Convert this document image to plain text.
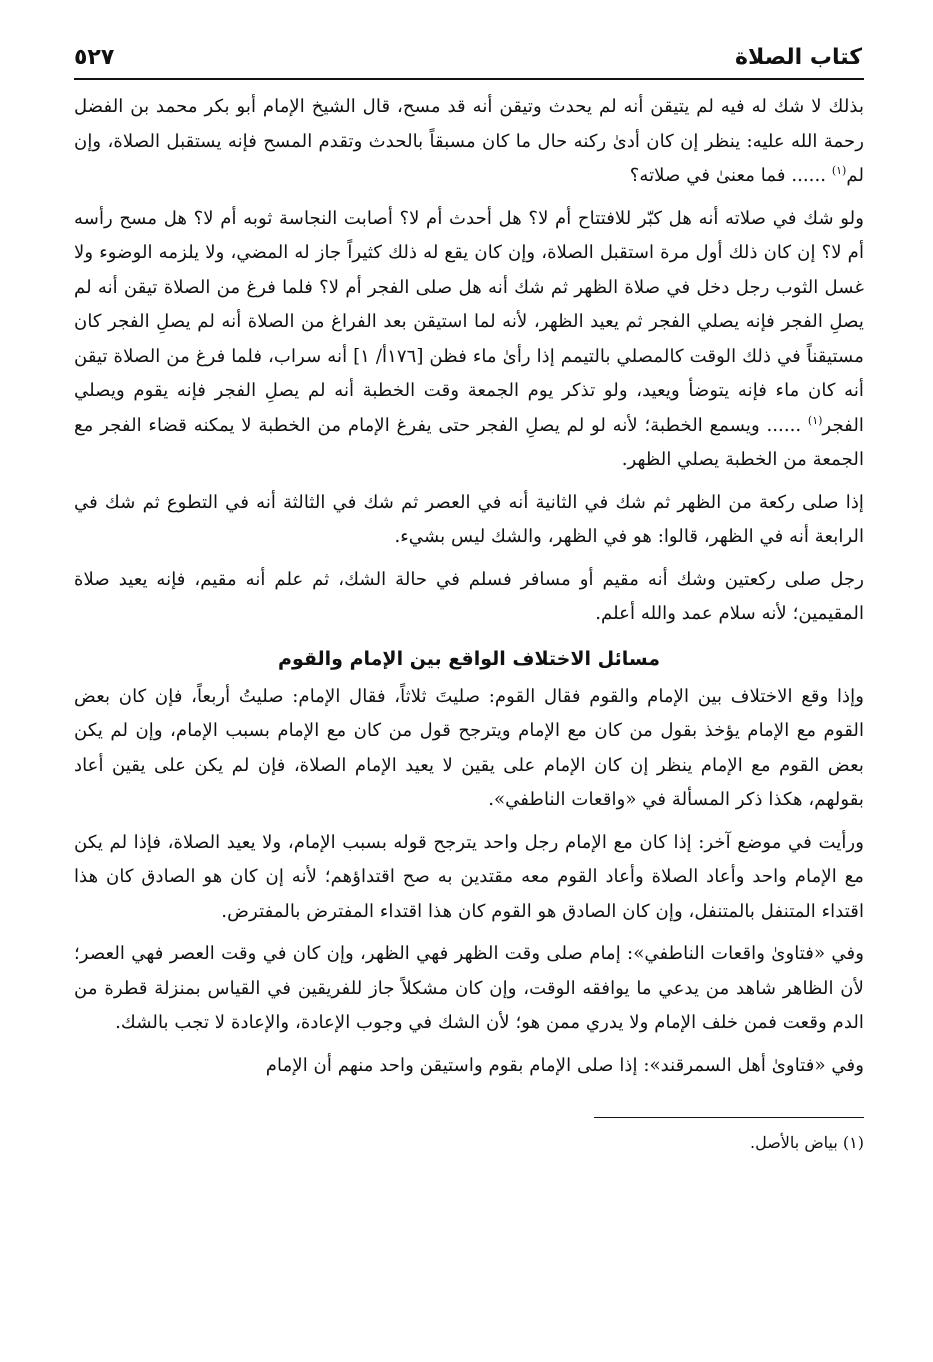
كتاب الصلاة
٥٢٧

بذلك لا شك له فيه لم يتيقن أنه لم يحدث وتيقن أنه قد مسح، قال الشيخ الإمام أبو بكر محمد بن الفضل رحمة الله عليه: ينظر إن كان أدىٰ ركنه حال ما كان مسبقاً بالحدث وتقدم المسح فإنه يستقبل الصلاة، وإن لم$^{(١)}$ ...... فما معنىٰ في صلاته؟

ولو شك في صلاته أنه هل كبّر للافتتاح أم لا؟ هل أحدث أم لا؟ أصابت النجاسة ثوبه أم لا؟ هل مسح رأسه أم لا؟ إن كان ذلك أول مرة استقبل الصلاة، وإن كان يقع له ذلك كثيراً جاز له المضي، ولا يلزمه الوضوء ولا غسل الثوب رجل دخل في صلاة الظهر ثم شك أنه هل صلى الفجر أم لا؟ فلما فرغ من الصلاة تيقن أنه لم يصلِ الفجر فإنه يصلي الفجر ثم يعيد الظهر، لأنه لما استيقن بعد الفراغ من الصلاة أنه لم يصلِ الفجر كان مستيقناً في ذلك الوقت كالمصلي بالتيمم إذا رأىٰ ماء فظن [١٧٦أ/ ١] أنه سراب، فلما فرغ من الصلاة تيقن أنه كان ماء فإنه يتوضأ ويعيد، ولو تذكر يوم الجمعة وقت الخطبة أنه لم يصلِ الفجر فإنه يقوم ويصلي الفجر$^{(١)}$ ...... ويسمع الخطبة؛ لأنه لو لم يصلِ الفجر حتى يفرغ الإمام من الخطبة لا يمكنه قضاء الفجر مع الجمعة من الخطبة يصلي الظهر.

إذا صلى ركعة من الظهر ثم شك في الثانية أنه في العصر ثم شك في الثالثة أنه في التطوع ثم شك في الرابعة أنه في الظهر، قالوا: هو في الظهر، والشك ليس بشيء.

رجل صلى ركعتين وشك أنه مقيم أو مسافر فسلم في حالة الشك، ثم علم أنه مقيم، فإنه يعيد صلاة المقيمين؛ لأنه سلام عمد والله أعلم.

مسائل الاختلاف الواقع بين الإمام والقوم

وإذا وقع الاختلاف بين الإمام والقوم فقال القوم: صليتَ ثلاثاً، فقال الإمام: صليتُ أربعاً، فإن كان بعض القوم مع الإمام يؤخذ بقول من كان مع الإمام ويترجح قول من كان مع الإمام بسبب الإمام، وإن لم يكن بعض القوم مع الإمام ينظر إن كان الإمام على يقين لا يعيد الإمام الصلاة، فإن لم يكن على يقين أعاد بقولهم، هكذا ذكر المسألة في «واقعات الناطفي».

ورأيت في موضع آخر: إذا كان مع الإمام رجل واحد يترجح قوله بسبب الإمام، ولا يعيد الصلاة، فإذا لم يكن مع الإمام واحد وأعاد الصلاة وأعاد القوم معه مقتدين به صح اقتداؤهم؛ لأنه إن كان هو الصادق كان هذا اقتداء المتنفل بالمتنفل، وإن كان الصادق هو القوم كان هذا اقتداء المفترض بالمفترض.

وفي «فتاوىٰ واقعات الناطفي»: إمام صلى وقت الظهر فهي الظهر، وإن كان في وقت العصر فهي العصر؛ لأن الظاهر شاهد من يدعي ما يوافقه الوقت، وإن كان مشكلاً جاز للفريقين في القياس بمنزلة قطرة من الدم وقعت فمن خلف الإمام ولا يدري ممن هو؛ لأن الشك في وجوب الإعادة، والإعادة لا تجب بالشك.

وفي «فتاوىٰ أهل السمرقند»: إذا صلى الإمام بقوم واستيقن واحد منهم أن الإمام

(١) بياض بالأصل.
